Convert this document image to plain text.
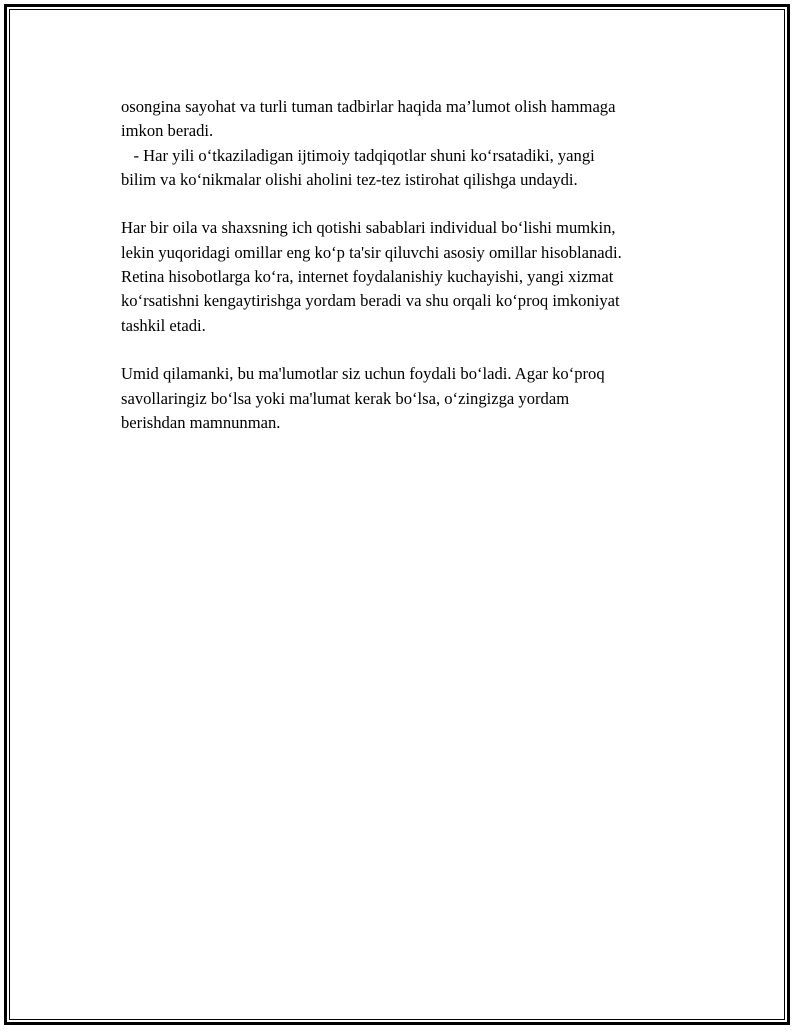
osongina sayohat va turli tuman tadbirlar haqida ma’lumot olish hammaga
imkon beradi.
- Har yili o‘tkaziladigan ijtimoiy tadqiqotlar shuni ko‘rsatadiki, yangi
bilim va ko‘nikmalar olishi aholini tez-tez istirohat qilishga undaydi.
Har bir oila va shaxsning ich qotishi sabablari individual bo‘lishi mumkin,
lekin yuqoridagi omillar eng ko‘p ta'sir qiluvchi asosiy omillar hisoblanadi.
Retina hisobotlarga ko‘ra, internet foydalanishiy kuchayishi, yangi xizmat
ko‘rsatishni kengaytirishga yordam beradi va shu orqali ko‘proq imkoniyat
tashkil etadi.
Umid qilamanki, bu ma'lumotlar siz uchun foydali bo‘ladi. Agar ko‘proq
savollaringiz bo‘lsa yoki ma'lumat kerak bo‘lsa, o‘zingizga yordam
berishdan mamnunman.
